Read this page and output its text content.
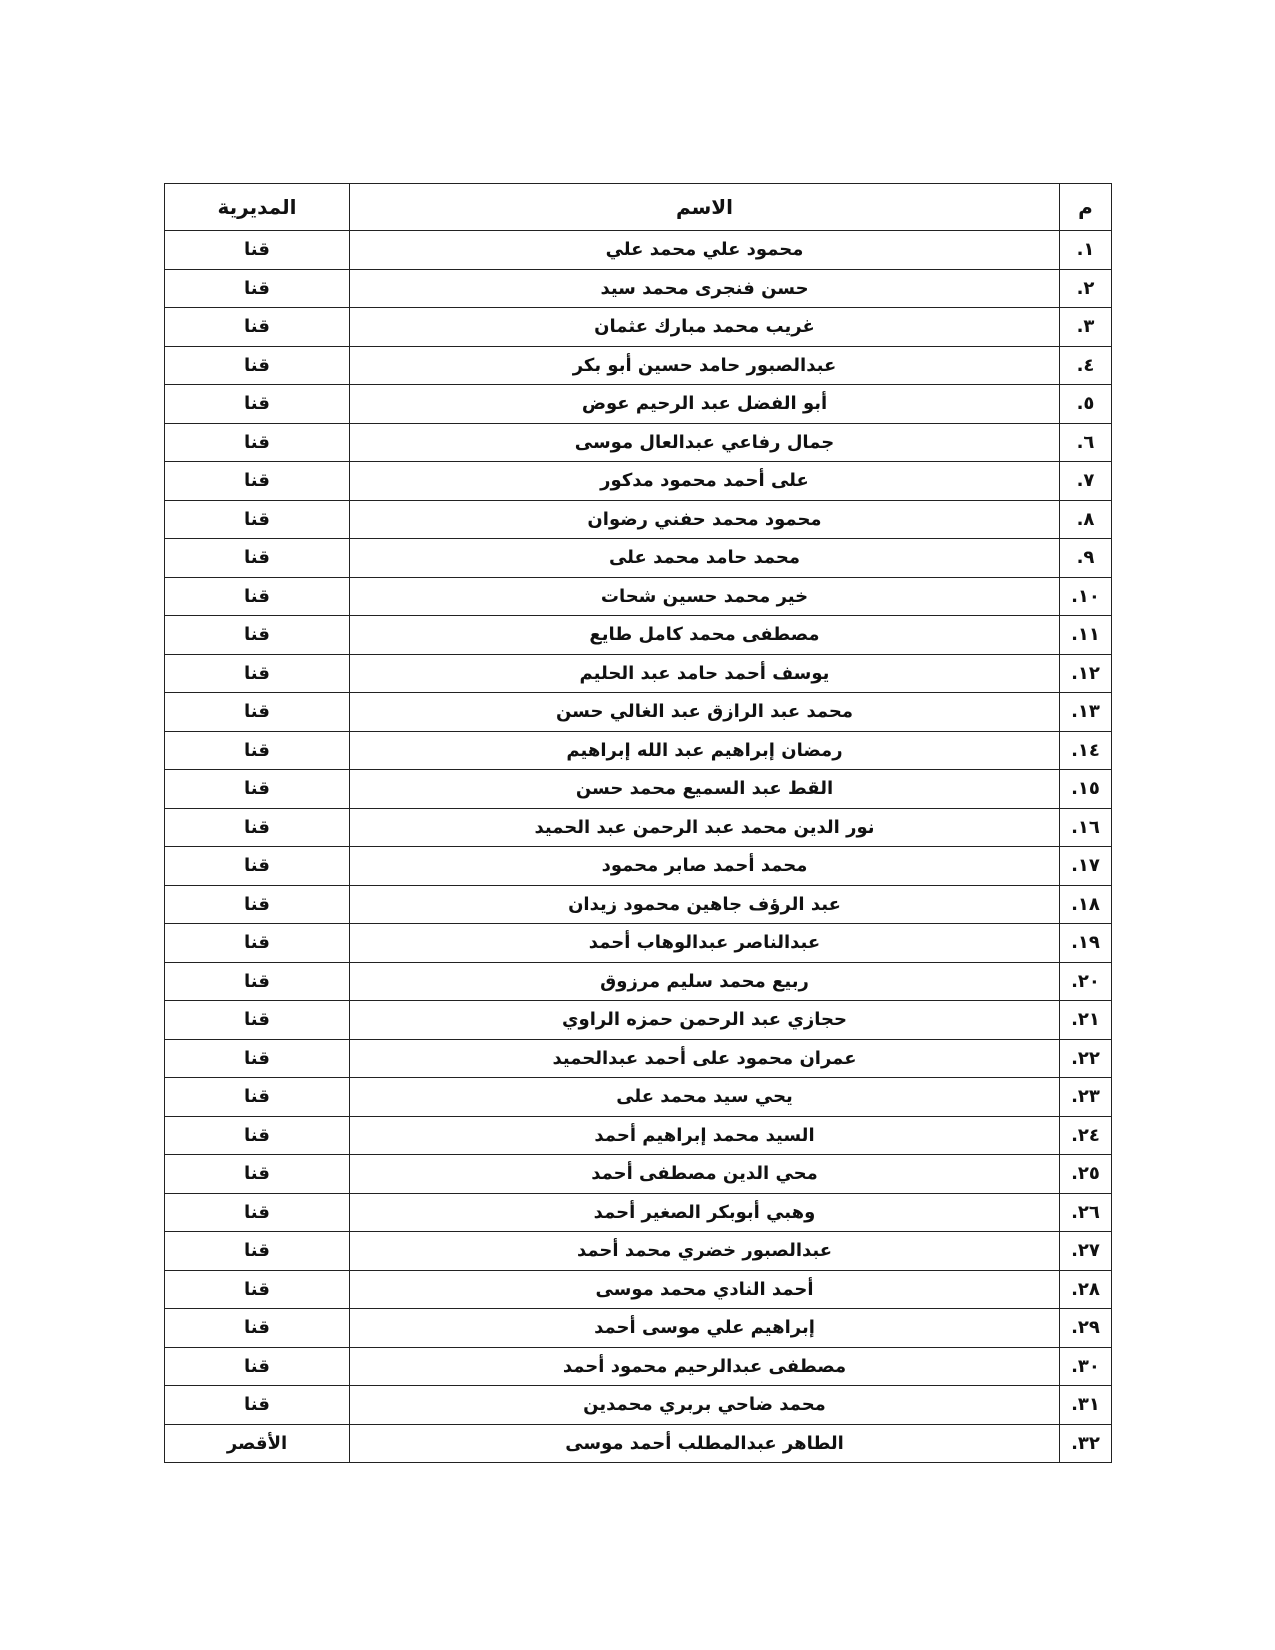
م	الاسم	المديرية
١.	محمود علي محمد علي	قنا
٢.	حسن فنجرى محمد سيد	قنا
٣.	غريب محمد مبارك عثمان	قنا
٤.	عبدالصبور حامد حسين أبو بكر	قنا
٥.	أبو الفضل عبد الرحيم عوض	قنا
٦.	جمال رفاعي عبدالعال موسى	قنا
٧.	على أحمد محمود مدكور	قنا
٨.	محمود محمد حفني رضوان	قنا
٩.	محمد حامد محمد على	قنا
١٠.	خير محمد حسين شحات	قنا
١١.	مصطفى محمد كامل طايع	قنا
١٢.	يوسف أحمد حامد عبد الحليم	قنا
١٣.	محمد عبد الرازق عبد الغالي حسن	قنا
١٤.	رمضان إبراهيم عبد الله إبراهيم	قنا
١٥.	القط عبد السميع محمد حسن	قنا
١٦.	نور الدين محمد عبد الرحمن عبد الحميد	قنا
١٧.	محمد أحمد صابر محمود	قنا
١٨.	عبد الرؤف جاهين محمود زيدان	قنا
١٩.	عبدالناصر عبدالوهاب أحمد	قنا
٢٠.	ربيع محمد سليم مرزوق	قنا
٢١.	حجازي عبد الرحمن حمزه الراوي	قنا
٢٢.	عمران محمود على أحمد عبدالحميد	قنا
٢٣.	يحي سيد محمد على	قنا
٢٤.	السيد محمد إبراهيم أحمد	قنا
٢٥.	محي الدين مصطفى أحمد	قنا
٢٦.	وهبي أبوبكر الصغير أحمد	قنا
٢٧.	عبدالصبور خضري محمد أحمد	قنا
٢٨.	أحمد النادي محمد موسى	قنا
٢٩.	إبراهيم علي موسى أحمد	قنا
٣٠.	مصطفى عبدالرحيم محمود أحمد	قنا
٣١.	محمد ضاحي بربري محمدين	قنا
٣٢.	الطاهر عبدالمطلب أحمد موسى	الأقصر
